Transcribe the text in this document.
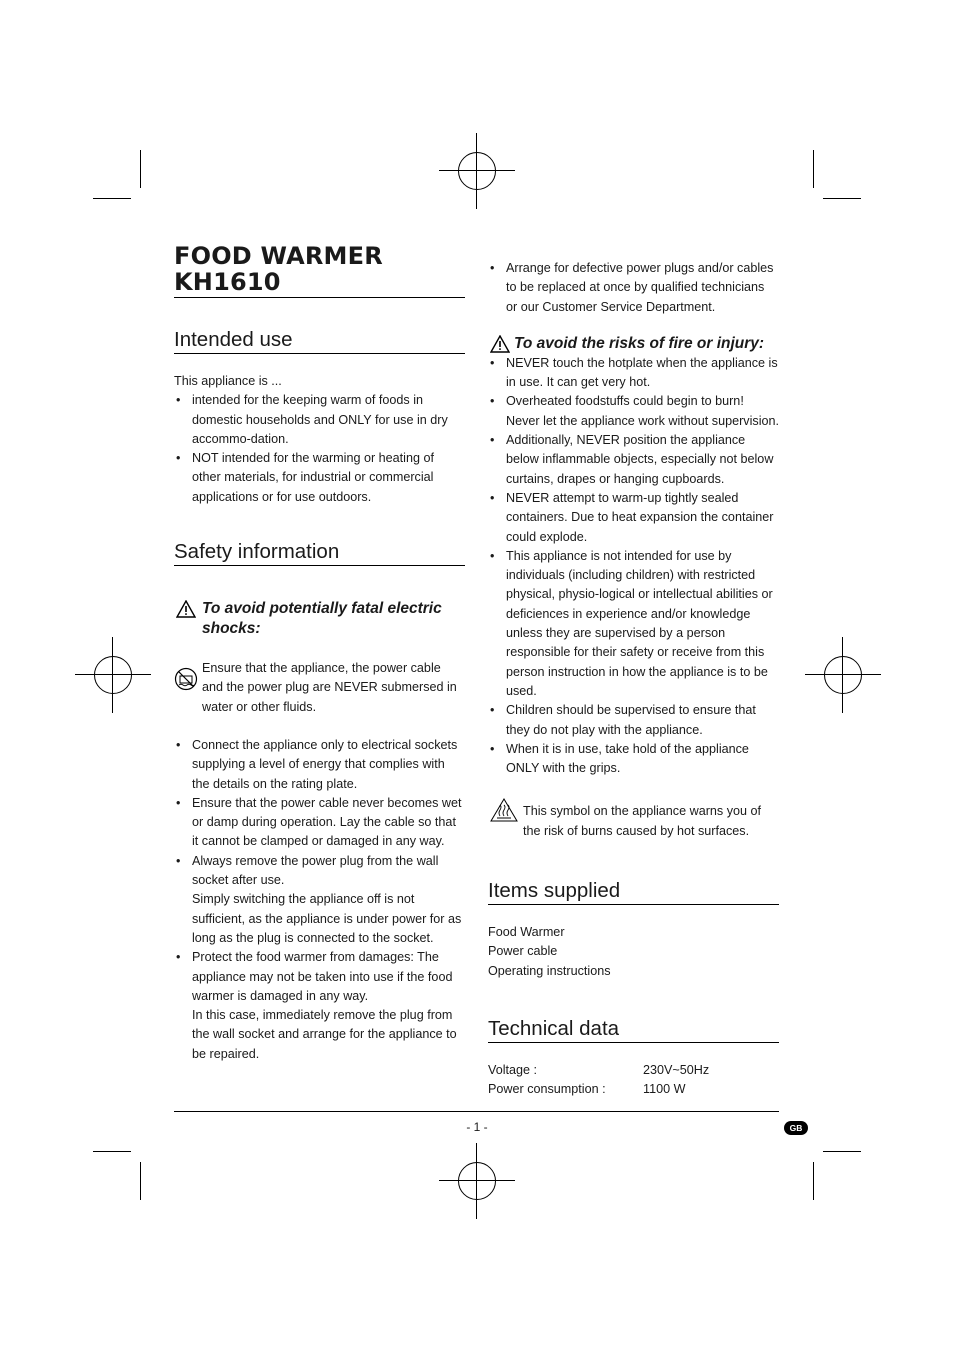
FOOD WARMER
KH1610
Intended use

This appliance is ...

• intended for the keeping warm of foods in domestic households and ONLY for use in dry accommo-dation.
• NOT intended for the warming or heating of other materials, for industrial or commercial applications or for use outdoors.
Safety information
To avoid potentially fatal electric shocks:

Ensure that the appliance, the power cable and the power plug are NEVER submersed in water or other fluids.

• Connect the appliance only to electrical sockets supplying a level of energy that complies with the details on the rating plate.
• Ensure that the power cable never becomes wet or damp during operation. Lay the cable so that it cannot be clamped or damaged in any way.
• Always remove the power plug from the wall socket after use.
Simply switching the appliance off is not sufficient, as the appliance is under power for as long as the plug is connected to the socket.
• Protect the food warmer from damages: The appliance may not be taken into use if the food warmer is damaged in any way.
In this case, immediately remove the plug from the wall socket and arrange for the appliance to be repaired.
• Arrange for defective power plugs and/or cables to be replaced at once by qualified technicians or our Customer Service Department.
To avoid the risks of fire or injury:
• NEVER touch the hotplate when the appliance is in use. It can get very hot.
• Overheated foodstuffs could begin to burn! Never let the appliance work without supervision.
• Additionally, NEVER position the appliance below inflammable objects, especially not below curtains, drapes or hanging cupboards.
• NEVER attempt to warm-up tightly sealed containers. Due to heat expansion the container could explode.
• This appliance is not intended for use by individuals (including children) with restricted physical, physio-logical or intellectual abilities or deficiences in experience and/or knowledge unless they are supervised by a person responsible for their safety or receive from this person instruction in how the appliance is to be used.
• Children should be supervised to ensure that they do not play with the appliance.
• When it is in use, take hold of the appliance ONLY with the grips.

This symbol on the appliance warns you of the risk of burns caused by hot surfaces.

Items supplied

Food Warmer

Power cable

Operating instructions

Technical data
Voltage :	230V~50Hz
Power consumption :	1100 W
- 1 -	GB
